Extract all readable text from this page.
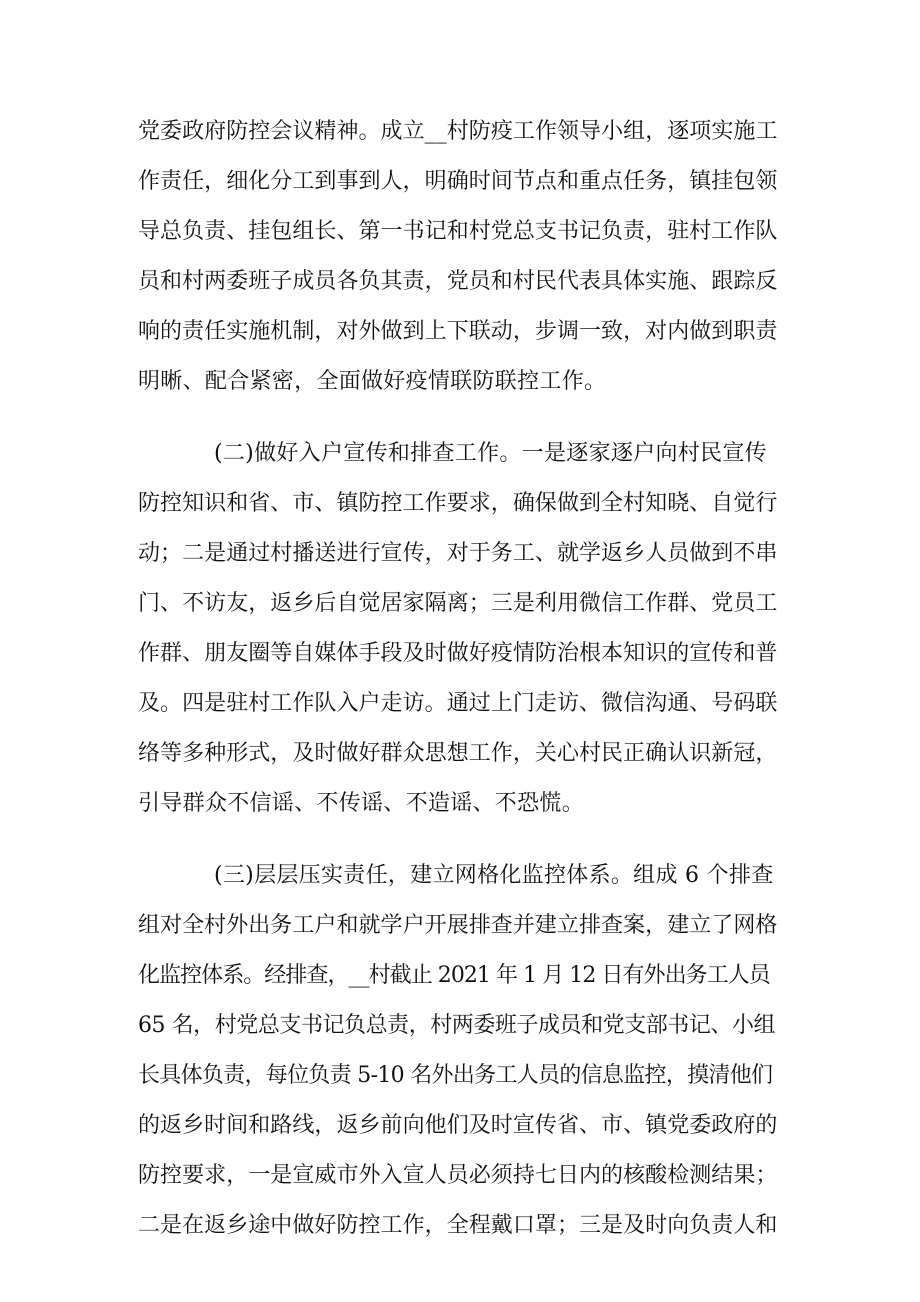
党委政府防控会议精神。成立__村防疫工作领导小组，逐项实施工
作责任，细化分工到事到人，明确时间节点和重点任务，镇挂包领
导总负责、挂包组长、第一书记和村党总支书记负责，驻村工作队
员和村两委班子成员各负其责，党员和村民代表具体实施、跟踪反
响的责任实施机制，对外做到上下联动，步调一致，对内做到职责
明晰、配合紧密，全面做好疫情联防联控工作。
(二)做好入户宣传和排查工作。一是逐家逐户向村民宣传
防控知识和省、市、镇防控工作要求，确保做到全村知晓、自觉行
动；二是通过村播送进行宣传，对于务工、就学返乡人员做到不串
门、不访友，返乡后自觉居家隔离；三是利用微信工作群、党员工
作群、朋友圈等自媒体手段及时做好疫情防治根本知识的宣传和普
及。四是驻村工作队入户走访。通过上门走访、微信沟通、号码联
络等多种形式，及时做好群众思想工作，关心村民正确认识新冠，
引导群众不信谣、不传谣、不造谣、不恐慌。
(三)层层压实责任，建立网格化监控体系。组成 6 个排查
组对全村外出务工户和就学户开展排查并建立排查案，建立了网格
化监控体系。经排查，__村截止 2021 年 1 月 12 日有外出务工人员
65 名，村党总支书记负总责，村两委班子成员和党支部书记、小组
长具体负责，每位负责 5-10 名外出务工人员的信息监控，摸清他们
的返乡时间和路线，返乡前向他们及时宣传省、市、镇党委政府的
防控要求，一是宣威市外入宣人员必须持七日内的核酸检测结果；
二是在返乡途中做好防控工作，全程戴口罩；三是及时向负责人和
